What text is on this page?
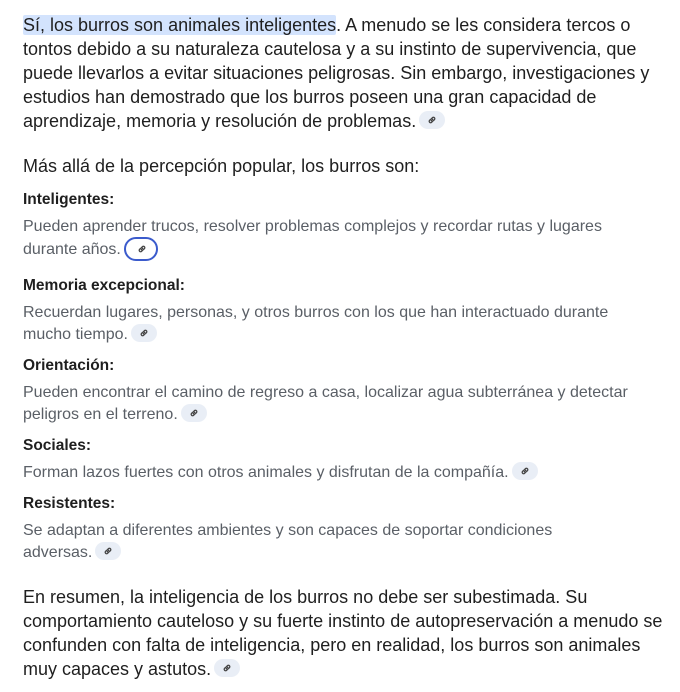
Sí, los burros son animales inteligentes. A menudo se les considera tercos o tontos debido a su naturaleza cautelosa y a su instinto de supervivencia, que puede llevarlos a evitar situaciones peligrosas. Sin embargo, investigaciones y estudios han demostrado que los burros poseen una gran capacidad de aprendizaje, memoria y resolución de problemas.

Más allá de la percepción popular, los burros son:

Inteligentes:

Pueden aprender trucos, resolver problemas complejos y recordar rutas y lugares durante años.

Memoria excepcional:

Recuerdan lugares, personas, y otros burros con los que han interactuado durante mucho tiempo.

Orientación:

Pueden encontrar el camino de regreso a casa, localizar agua subterránea y detectar peligros en el terreno.

Sociales:

Forman lazos fuertes con otros animales y disfrutan de la compañía.

Resistentes:

Se adaptan a diferentes ambientes y son capaces de soportar condiciones adversas.

En resumen, la inteligencia de los burros no debe ser subestimada. Su comportamiento cauteloso y su fuerte instinto de autopreservación a menudo se confunden con falta de inteligencia, pero en realidad, los burros son animales muy capaces y astutos.
